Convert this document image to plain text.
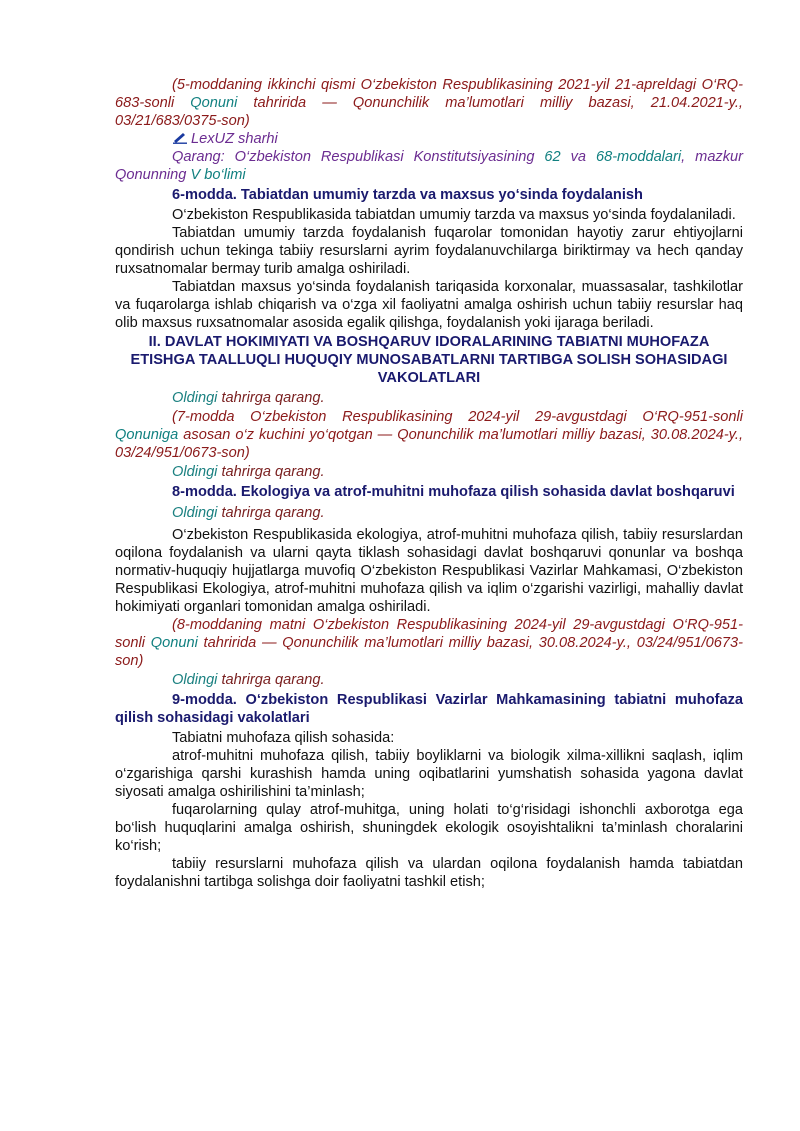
(5-moddaning ikkinchi qismi O‘zbekiston Respublikasining 2021-yil 21-apreldagi O‘RQ-683-sonli Qonuni tahririda — Qonunchilik ma’lumotlari milliy bazasi, 21.04.2021-y., 03/21/683/0375-son)

LexUZ sharhi

Qarang: O‘zbekiston Respublikasi Konstitutsiyasining 62 va 68-moddalari, mazkur Qonunning V bo‘limi

6-modda. Tabiatdan umumiy tarzda va maxsus yo‘sinda foydalanish

O‘zbekiston Respublikasida tabiatdan umumiy tarzda va maxsus yo‘sinda foydalaniladi.

Tabiatdan umumiy tarzda foydalanish fuqarolar tomonidan hayotiy zarur ehtiyojlarni qondirish uchun tekinga tabiiy resurslarni ayrim foydalanuvchilarga biriktirmay va hech qanday ruxsatnomalar bermay turib amalga oshiriladi.

Tabiatdan maxsus yo‘sinda foydalanish tariqasida korxonalar, muassasalar, tashkilotlar va fuqarolarga ishlab chiqarish va o‘zga xil faoliyatni amalga oshirish uchun tabiiy resurslar haq olib maxsus ruxsatnomalar asosida egalik qilishga, foydalanish yoki ijaraga beriladi.

II. DAVLAT HOKIMIYATI VA BOSHQARUV IDORALARINING TABIATNI MUHOFAZA ETISHGA TAALLUQLI HUQUQIY MUNOSABATLARNI TARTIBGA SOLISH SOHASIDAGI VAKOLATLARI

Oldingi tahrirga qarang.

(7-modda O‘zbekiston Respublikasining 2024-yil 29-avgustdagi O‘RQ-951-sonli Qonuniga asosan o‘z kuchini yo‘qotgan — Qonunchilik ma’lumotlari milliy bazasi, 30.08.2024-y., 03/24/951/0673-son)

Oldingi tahrirga qarang.

8-modda. Ekologiya va atrof-muhitni muhofaza qilish sohasida davlat boshqaruvi

Oldingi tahrirga qarang.

O‘zbekiston Respublikasida ekologiya, atrof-muhitni muhofaza qilish, tabiiy resurslardan oqilona foydalanish va ularni qayta tiklash sohasidagi davlat boshqaruvi qonunlar va boshqa normativ-huquqiy hujjatlarga muvofiq O‘zbekiston Respublikasi Vazirlar Mahkamasi, O‘zbekiston Respublikasi Ekologiya, atrof-muhitni muhofaza qilish va iqlim o‘zgarishi vazirligi, mahalliy davlat hokimiyati organlari tomonidan amalga oshiriladi.

(8-moddaning matni O‘zbekiston Respublikasining 2024-yil 29-avgustdagi O‘RQ-951-sonli Qonuni tahririda — Qonunchilik ma’lumotlari milliy bazasi, 30.08.2024-y., 03/24/951/0673-son)

Oldingi tahrirga qarang.

9-modda. O‘zbekiston Respublikasi Vazirlar Mahkamasining tabiatni muhofaza qilish sohasidagi vakolatlari

Tabiatni muhofaza qilish sohasida:

atrof-muhitni muhofaza qilish, tabiiy boyliklarni va biologik xilma-xillikni saqlash, iqlim o‘zgarishiga qarshi kurashish hamda uning oqibatlarini yumshatish sohasida yagona davlat siyosati amalga oshirilishini ta’minlash;

fuqarolarning qulay atrof-muhitga, uning holati to‘g‘risidagi ishonchli axborotga ega bo‘lish huquqlarini amalga oshirish, shuningdek ekologik osoyishtalikni ta’minlash choralarini ko‘rish;

tabiiy resurslarni muhofaza qilish va ulardan oqilona foydalanish hamda tabiatdan foydalanishni tartibga solishga doir faoliyatni tashkil etish;
